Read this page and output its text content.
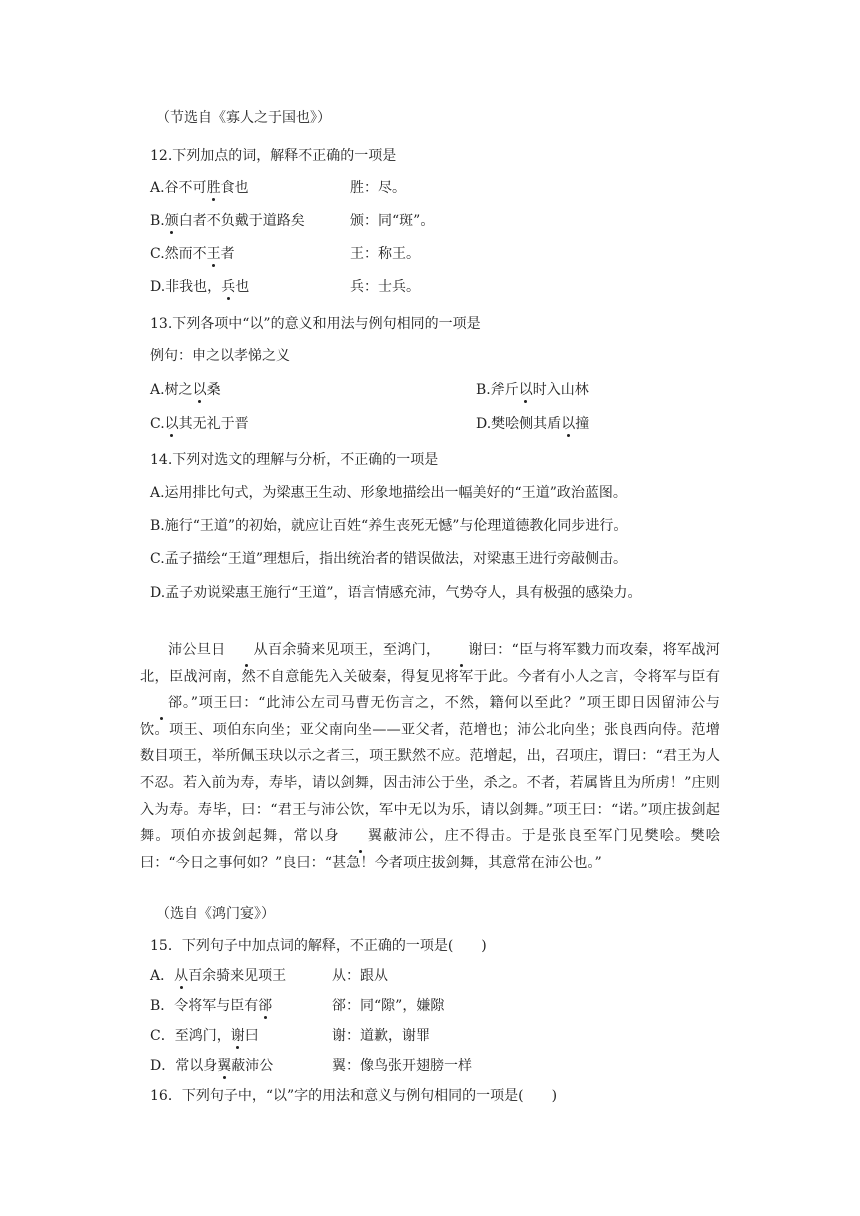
（节选自《寡人之于国也》）
12.下列加点的词，解释不正确的一项是
A.谷不可胜食也	胜：尽。
B.颁白者不负戴于道路矣	颁：同“斑”。
C.然而不王者	王：称王。
D.非我也，兵也	兵：士兵。
13.下列各项中“以”的意义和用法与例句相同的一项是
例句：申之以孝悌之义
A.树之以桑	B.斧斤以时入山林
C.以其无礼于晋	D.樊哙侧其盾以撞
14.下列对选文的理解与分析，不正确的一项是
A.运用排比句式，为梁惠王生动、形象地描绘出一幅美好的“王道”政治蓝图。
B.施行“王道”的初始，就应让百姓“养生丧死无憾”与伦理道德教化同步进行。
C.孟子描绘“王道”理想后，指出统治者的错误做法，对梁惠王进行旁敲侧击。
D.孟子劝说梁惠王施行“王道”，语言情感充沛，气势夺人，具有极强的感染力。

沛公旦日 从百余骑来见项王，至鸿门， 谢曰：“臣与将军戮力而攻秦，将军战河北，臣战河南，然不自意能先入关破秦，得复见将军于此。今者有小人之言，令将军与臣有郤。”项王曰：“此沛公左司马曹无伤言之，不然，籍何以至此？”项王即日因留沛公与饮。项王、项伯东向坐；亚父南向坐——亚父者，范增也；沛公北向坐；张良西向侍。范增数目项王，举所佩玉玦以示之者三，项王默然不应。范增起，出，召项庄，谓曰：“君王为人不忍。若入前为寿，寿毕，请以剑舞，因击沛公于坐，杀之。不者，若属皆且为所虏！”庄则入为寿。寿毕，曰：“君王与沛公饮，军中无以为乐，请以剑舞。”项王曰：“诺。”项庄拔剑起舞。项伯亦拔剑起舞，常以身 翼蔽沛公，庄不得击。于是张良至军门见樊哙。樊哙曰：“今日之事何如？”良曰：“甚急！今者项庄拔剑舞，其意常在沛公也。”

（选自《鸿门宴》）
15．下列句子中加点词的解释，不正确的一项是(　　)
A．从百余骑来见项王	从：跟从
B．令将军与臣有郤	郤：同“隙”，嫌隙
C．至鸿门，谢曰	谢：道歉，谢罪
D．常以身翼蔽沛公	翼：像鸟张开翅膀一样
16．下列句子中，“以”字的用法和意义与例句相同的一项是(　　)
